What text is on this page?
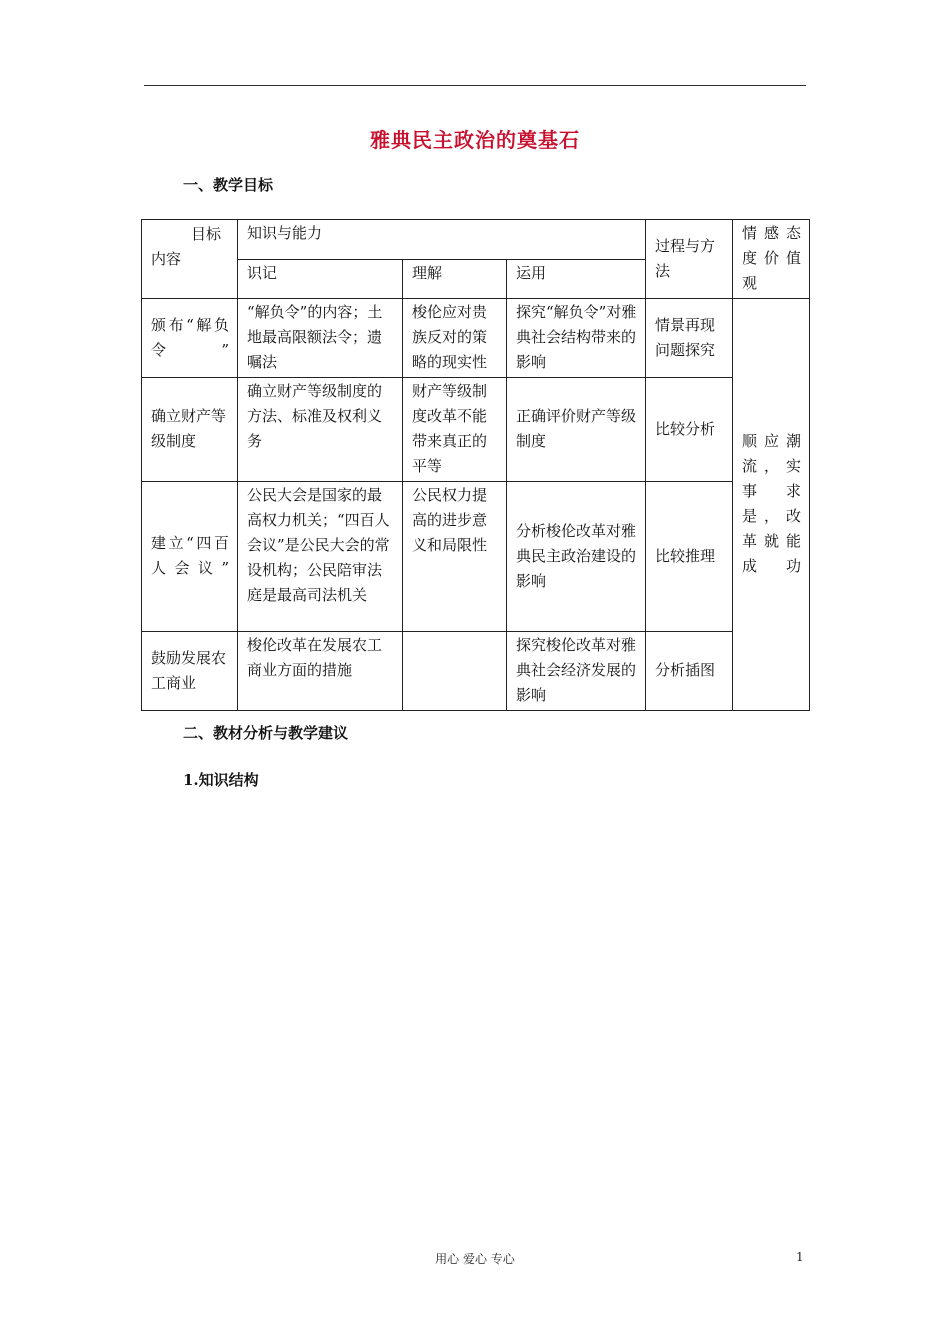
雅典民主政治的奠基石
一、教学目标
目标
内容	知识与能力			过程与方法	情感态度价值观
	识记	理解	运用		
颁布“解负令”	“解负令”的内容；土地最高限额法令；遗嘱法	梭伦应对贵族反对的策略的现实性	探究“解负令”对雅典社会结构带来的影响	情景再现问题探究	顺应潮流，实事求是，改革就能成功
确立财产等级制度	确立财产等级制度的方法、标准及权利义务	财产等级制度改革不能带来真正的平等	正确评价财产等级制度	比较分析	
建立“四百人会议”	公民大会是国家的最高权力机关；“四百人会议”是公民大会的常设机构；公民陪审法庭是最高司法机关	公民权力提高的进步意义和局限性	分析梭伦改革对雅典民主政治建设的影响	比较推理	
鼓励发展农工商业	梭伦改革在发展农工商业方面的措施		探究梭伦改革对雅典社会经济发展的影响	分析插图	
二、教材分析与教学建议
1.知识结构
用心 爱心 专心	1
